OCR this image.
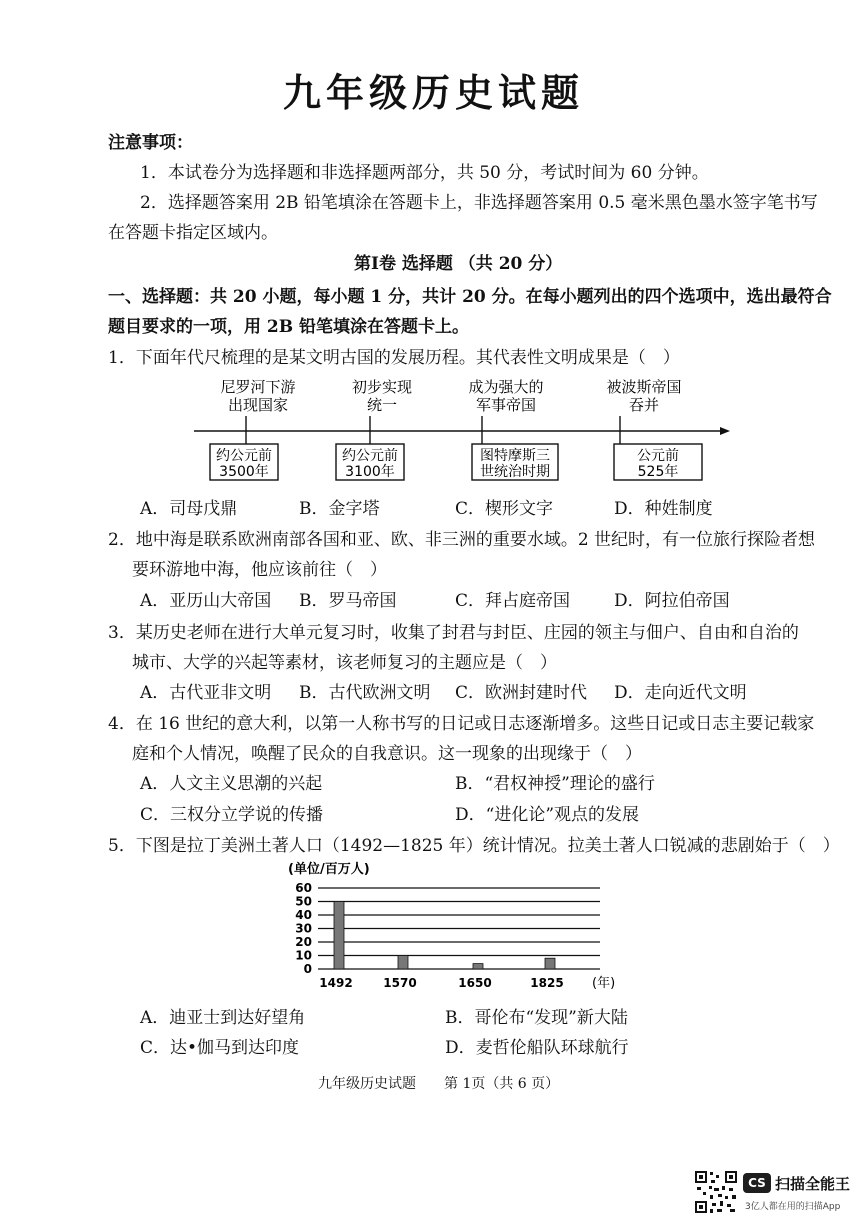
九年级历史试题
注意事项：
1．本试卷分为选择题和非选择题两部分，共 50 分，考试时间为 60 分钟。
2．选择题答案用 2B 铅笔填涂在答题卡上，非选择题答案用 0.5 毫米黑色墨水签字笔书写
在答题卡指定区域内。
第Ⅰ卷 选择题 （共 20 分）
一、选择题：共 20 小题，每小题 1 分，共计 20 分。在每小题列出的四个选项中，选出最符合
题目要求的一项，用 2B 铅笔填涂在答题卡上。
1．下面年代尺梳理的是某文明古国的发展历程。其代表性文明成果是（　）
尼罗河下游
出现国家
约公元前
3500年
初步实现
统一
约公元前
3100年
成为强大的
军事帝国
图特摩斯三
世统治时期
被波斯帝国
吞并
公元前
525年
A．司母戊鼎	B．金字塔	C．楔形文字	D．种姓制度
2．地中海是联系欧洲南部各国和亚、欧、非三洲的重要水域。2 世纪时，有一位旅行探险者想
要环游地中海，他应该前往（　）
A．亚历山大帝国 B．罗马帝国	C．拜占庭帝国	D．阿拉伯帝国
3．某历史老师在进行大单元复习时，收集了封君与封臣、庄园的领主与佃户、自由和自治的
城市、大学的兴起等素材，该老师复习的主题应是（　）
A．古代亚非文明 B．古代欧洲文明 C．欧洲封建时代 D．走向近代文明
4．在 16 世纪的意大利，以第一人称书写的日记或日志逐渐增多。这些日记或日志主要记载家
庭和个人情况，唤醒了民众的自我意识。这一现象的出现缘于（　）
A．人文主义思潮的兴起	B．“君权神授”理论的盛行
C．三权分立学说的传播	D．“进化论”观点的发展
5．下图是拉丁美洲土著人口（1492—1825 年）统计情况。拉美土著人口锐减的悲剧始于（　）
(单位/百万人)
0
10
20
30
40
50
60
1492	1570	1650	1825 (年)
A．迪亚士到达好望角	B．哥伦布“发现”新大陆
C．达•伽马到达印度	D．麦哲伦船队环球航行
九年级历史试题　　第 1页（共 6 页）
CS 扫描全能王
3亿人都在用的扫描App
